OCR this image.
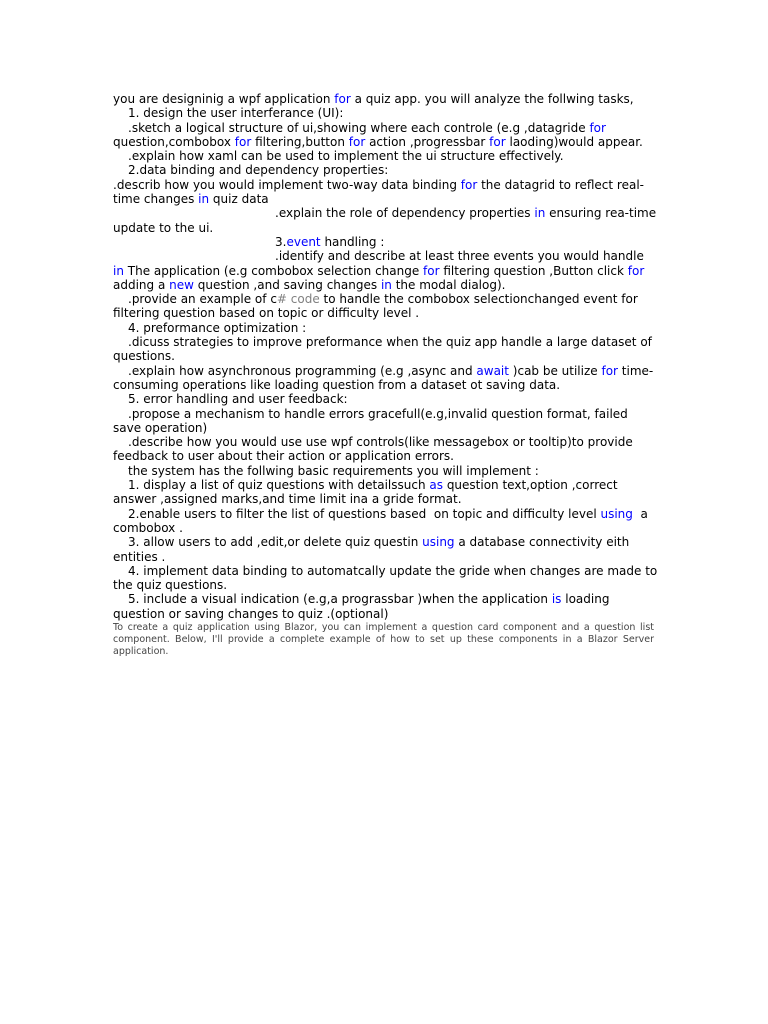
you are designinig a wpf application for a quiz app. you will analyze the follwing tasks,
1. design the user interferance (UI):
.sketch a logical structure of ui,showing where each controle (e.g ,datagride for
question,combobox for filtering,button for action ,progressbar for laoding)would appear.
.explain how xaml can be used to implement the ui structure effectively.
2.data binding and dependency properties:
.describ how you would implement two-way data binding for the datagrid to reflect real-
time changes in quiz data
.explain the role of dependency properties in ensuring rea-time
update to the ui.
3.event handling :
.identify and describe at least three events you would handle
in The application (e.g combobox selection change for filtering question ,Button click for
adding a new question ,and saving changes in the modal dialog).
.provide an example of c# code to handle the combobox selectionchanged event for
filtering question based on topic or difficulty level .
4. preformance optimization :
.dicuss strategies to improve preformance when the quiz app handle a large dataset of
questions.
.explain how asynchronous programming (e.g ,async and await )cab be utilize for time-
consuming operations like loading question from a dataset ot saving data.
5. error handling and user feedback:
.propose a mechanism to handle errors gracefull(e.g,invalid question format, failed
save operation)
.describe how you would use use wpf controls(like messagebox or tooltip)to provide
feedback to user about their action or application errors.
the system has the follwing basic requirements you will implement :
1. display a list of quiz questions with detailssuch as question text,option ,correct
answer ,assigned marks,and time limit ina a gride format.
2.enable users to filter the list of questions based  on topic and difficulty level using  a
combobox .
3. allow users to add ,edit,or delete quiz questin using a database connectivity eith
entities .
4. implement data binding to automatcally update the gride when changes are made to
the quiz questions.
5. include a visual indication (e.g,a prograssbar )when the application is loading
question or saving changes to quiz .(optional)
To create a quiz application using Blazor, you can implement a question card component and a question list component. Below, I'll provide a complete example of how to set up these components in a Blazor Server application.
